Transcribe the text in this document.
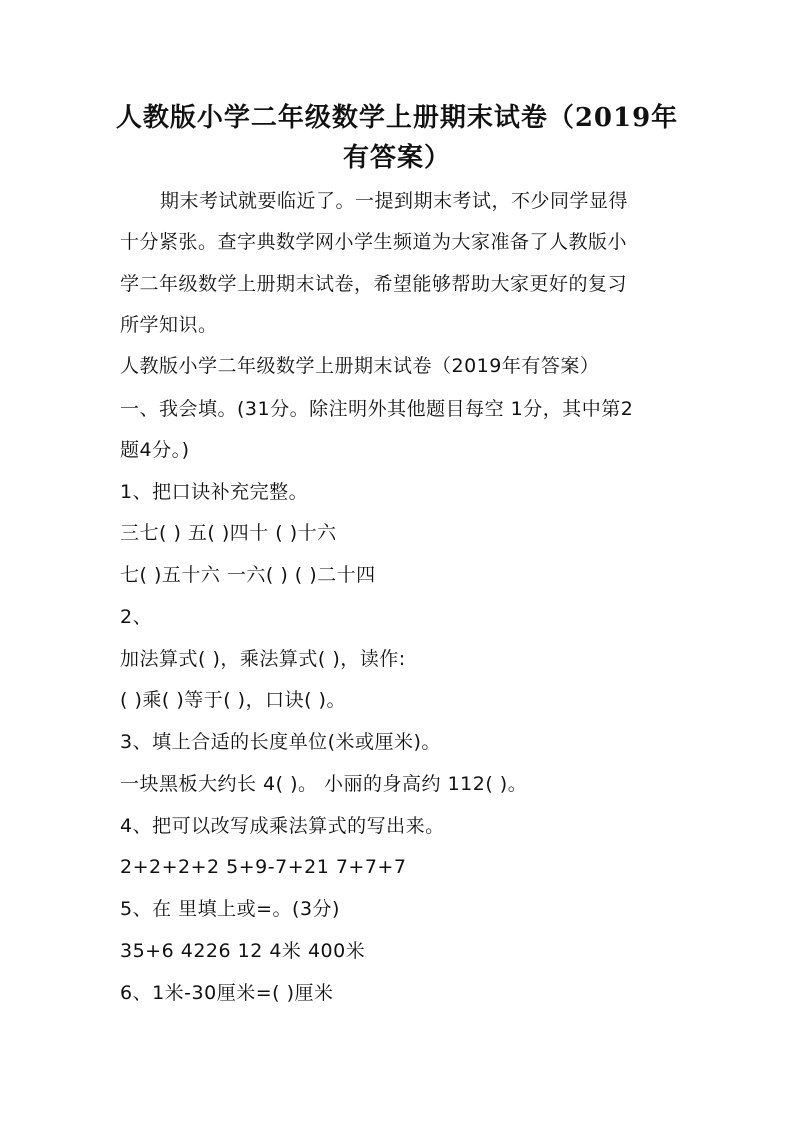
人教版小学二年级数学上册期末试卷（2019年
有答案）
期末考试就要临近了。一提到期末考试，不少同学显得
十分紧张。查字典数学网小学生频道为大家准备了人教版小
学二年级数学上册期末试卷，希望能够帮助大家更好的复习
所学知识。
人教版小学二年级数学上册期末试卷（2019年有答案）
一、我会填。(31分。除注明外其他题目每空 1分，其中第2
题4分。)
1、把口诀补充完整。
三七( ) 五( )四十 ( )十六
七( )五十六 一六( ) ( )二十四
2、
加法算式( )，乘法算式( )，读作:
( )乘( )等于( )，口诀( )。
3、填上合适的长度单位(米或厘米)。
一块黑板大约长 4( )。 小丽的身高约 112( )。
4、把可以改写成乘法算式的写出来。
2+2+2+2 5+9-7+21 7+7+7
5、在 里填上或=。(3分)
35+6 4226 12 4米 400米
6、1米-30厘米=( )厘米
